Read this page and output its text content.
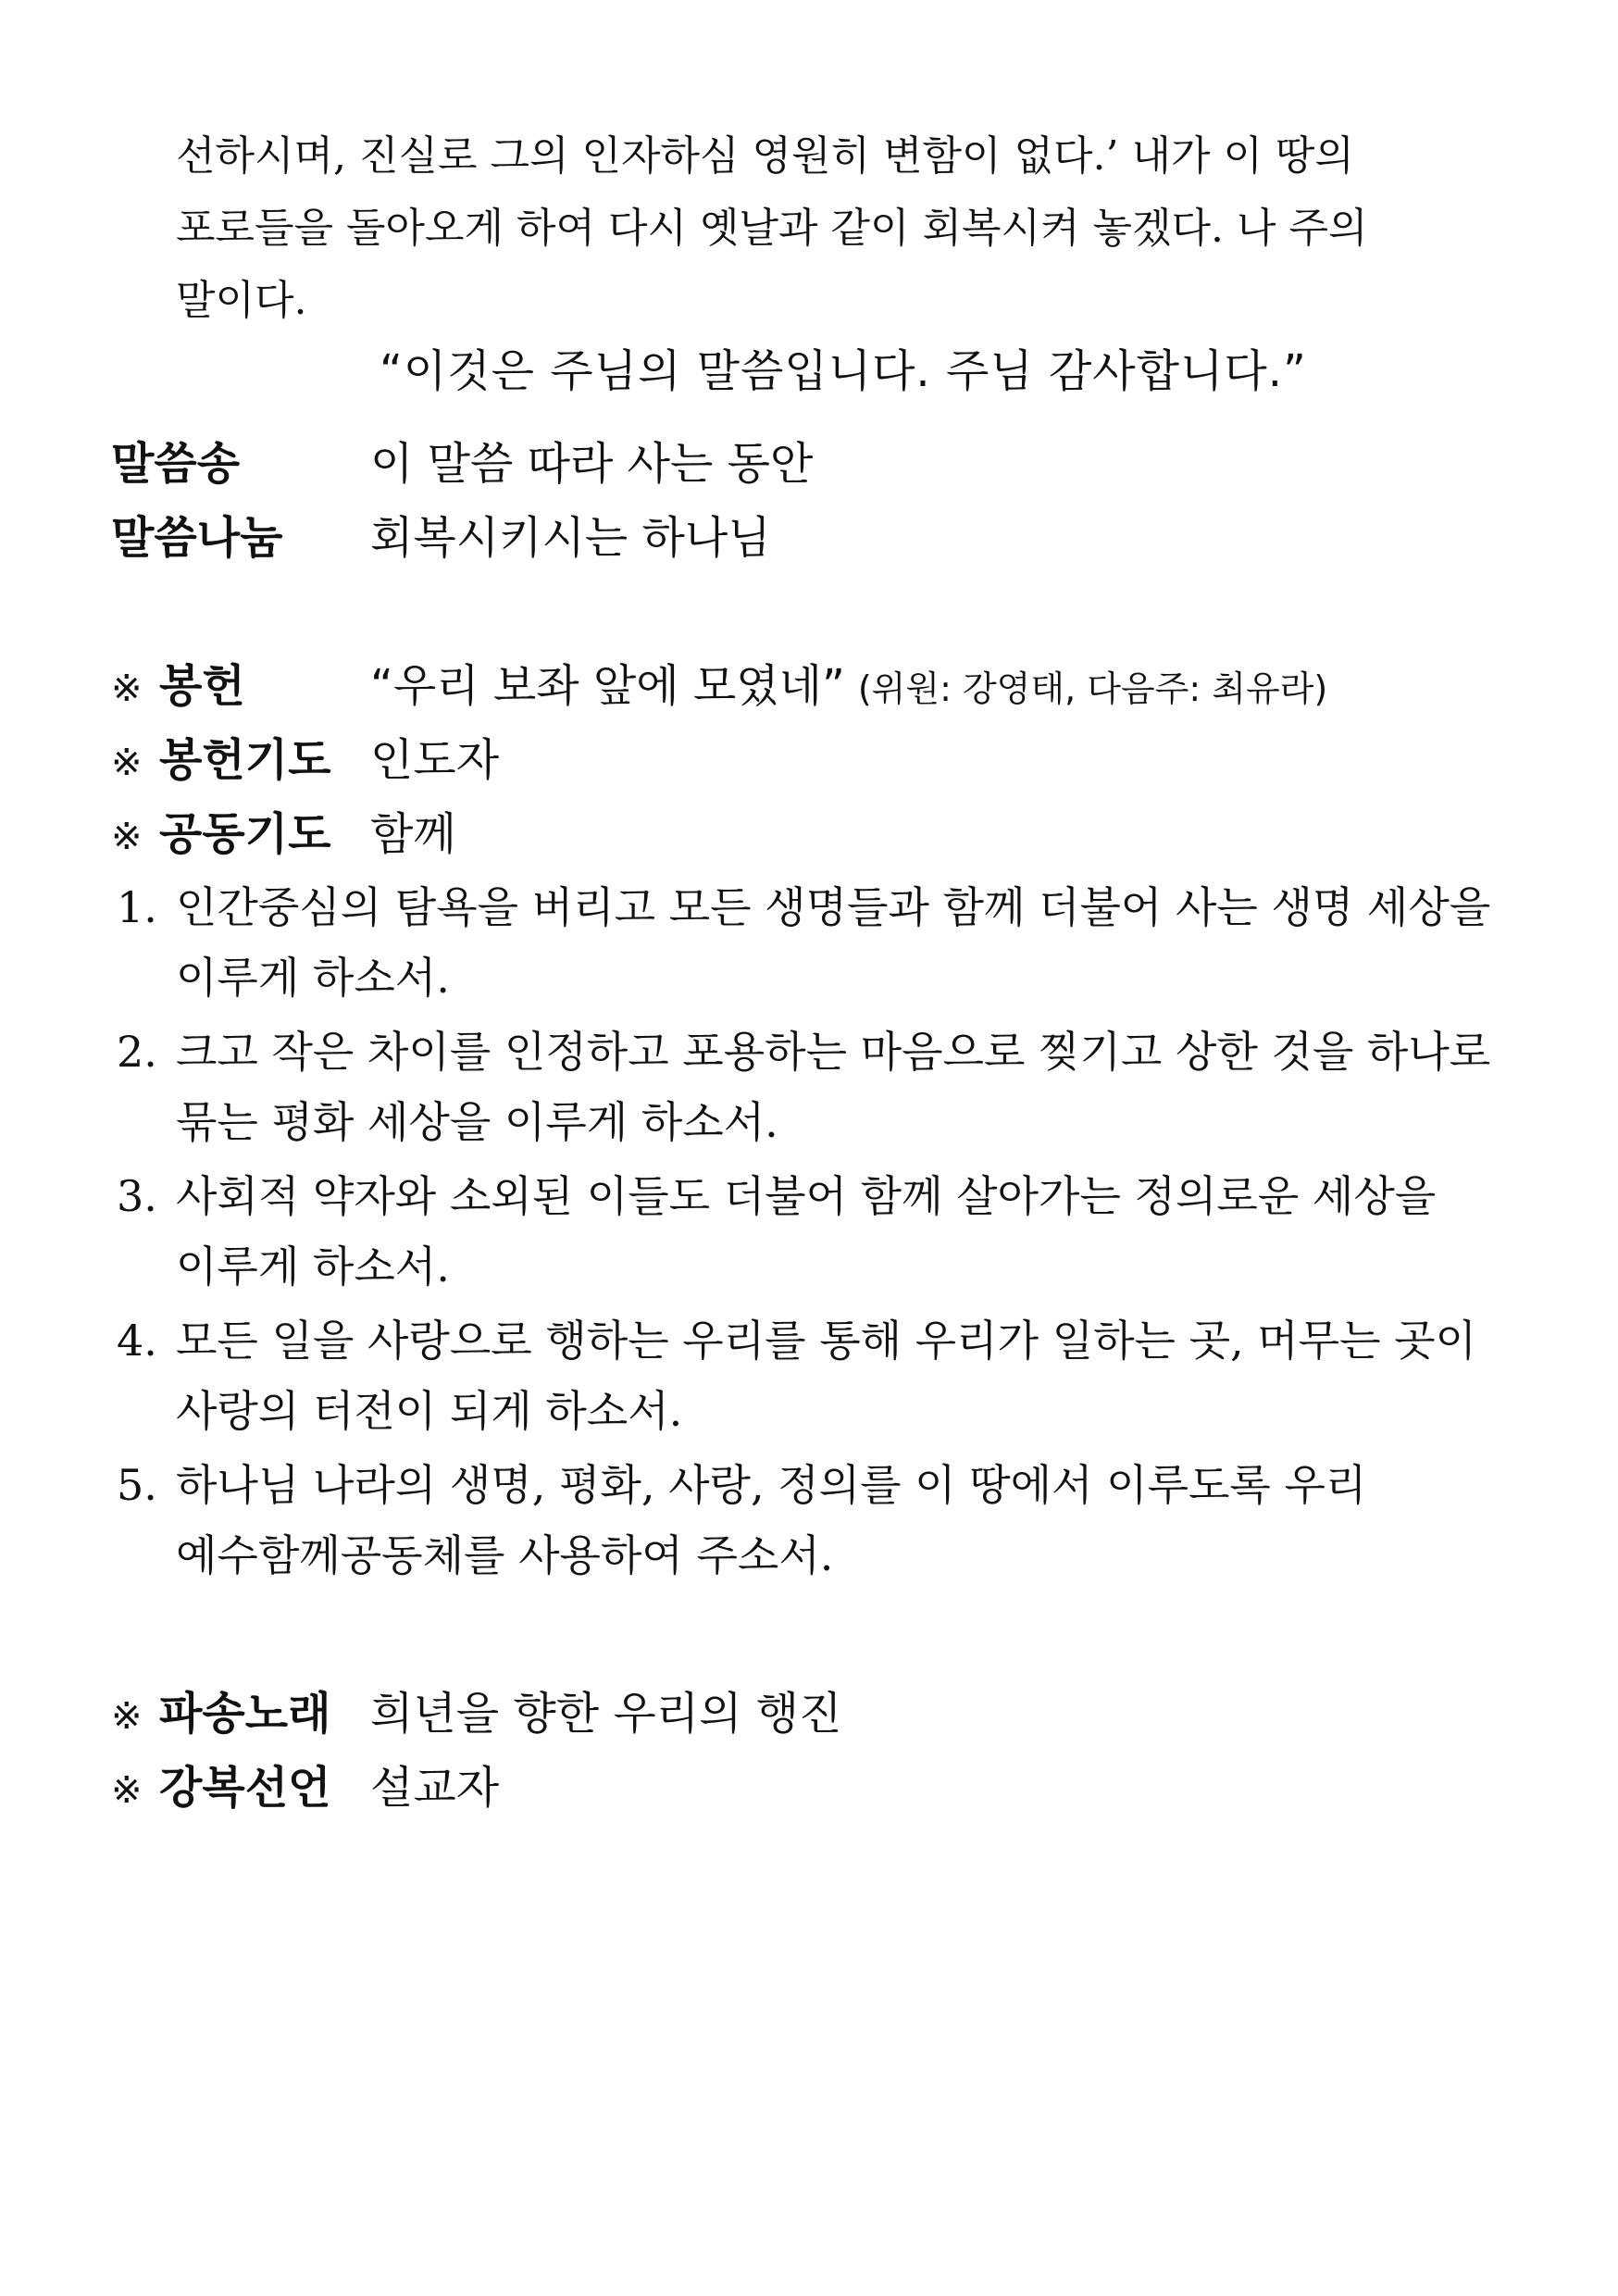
선하시며, 진실로 그의 인자하심 영원히 변함이 없다.’ 내가 이 땅의
포로들을 돌아오게 하여 다시 옛날과 같이 회복시켜 놓겠다. 나 주의
말이다.
“이것은 주님의 말씀입니다. 주님 감사합니다.”
말씀송	이 말씀 따라 사는 동안
말씀나눔 회복시키시는 하나님
※ 봉헌	“우리 보좌 앞에 모였네” (위원: 강영태, 다음주: 최유라)
※ 봉헌기도 인도자
※ 공동기도 함께
1. 인간중심의 탐욕을 버리고 모든 생명들과 함께 더불어 사는 생명 세상을
이루게 하소서.
2. 크고 작은 차이를 인정하고 포용하는 마음으로 찢기고 상한 것을 하나로
묶는 평화 세상을 이루게 하소서.
3. 사회적 약자와 소외된 이들도 더불어 함께 살아가는 정의로운 세상을
이루게 하소서.
4. 모든 일을 사랑으로 행하는 우리를 통해 우리가 일하는 곳, 머무는 곳이
사랑의 터전이 되게 하소서.
5. 하나님 나라의 생명, 평화, 사랑, 정의를 이 땅에서 이루도록 우리
예수함께공동체를 사용하여 주소서.
※ 파송노래 희년을 향한 우리의 행진
※ 강복선언 설교자
